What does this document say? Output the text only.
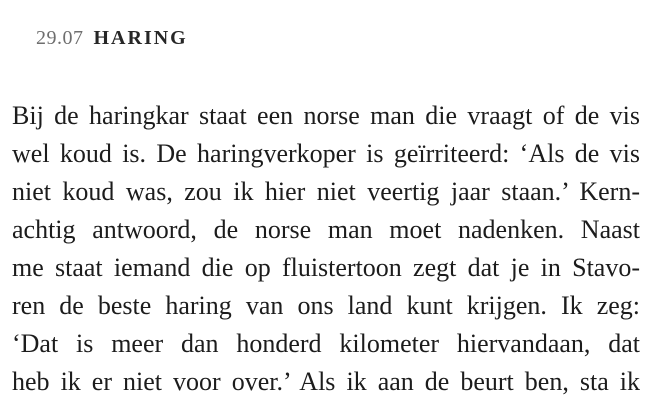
29.07 HARING
Bij de haringkar staat een norse man die vraagt of de vis
wel koud is. De haringverkoper is geïrriteerd: ‘Als de vis
niet koud was, zou ik hier niet veertig jaar staan.’ Kern-
achtig antwoord, de norse man moet nadenken. Naast
me staat iemand die op fluistertoon zegt dat je in Stavo-
ren de beste haring van ons land kunt krijgen. Ik zeg:
‘Dat is meer dan honderd kilometer hiervandaan, dat
heb ik er niet voor over.’ Als ik aan de beurt ben, sta ik
